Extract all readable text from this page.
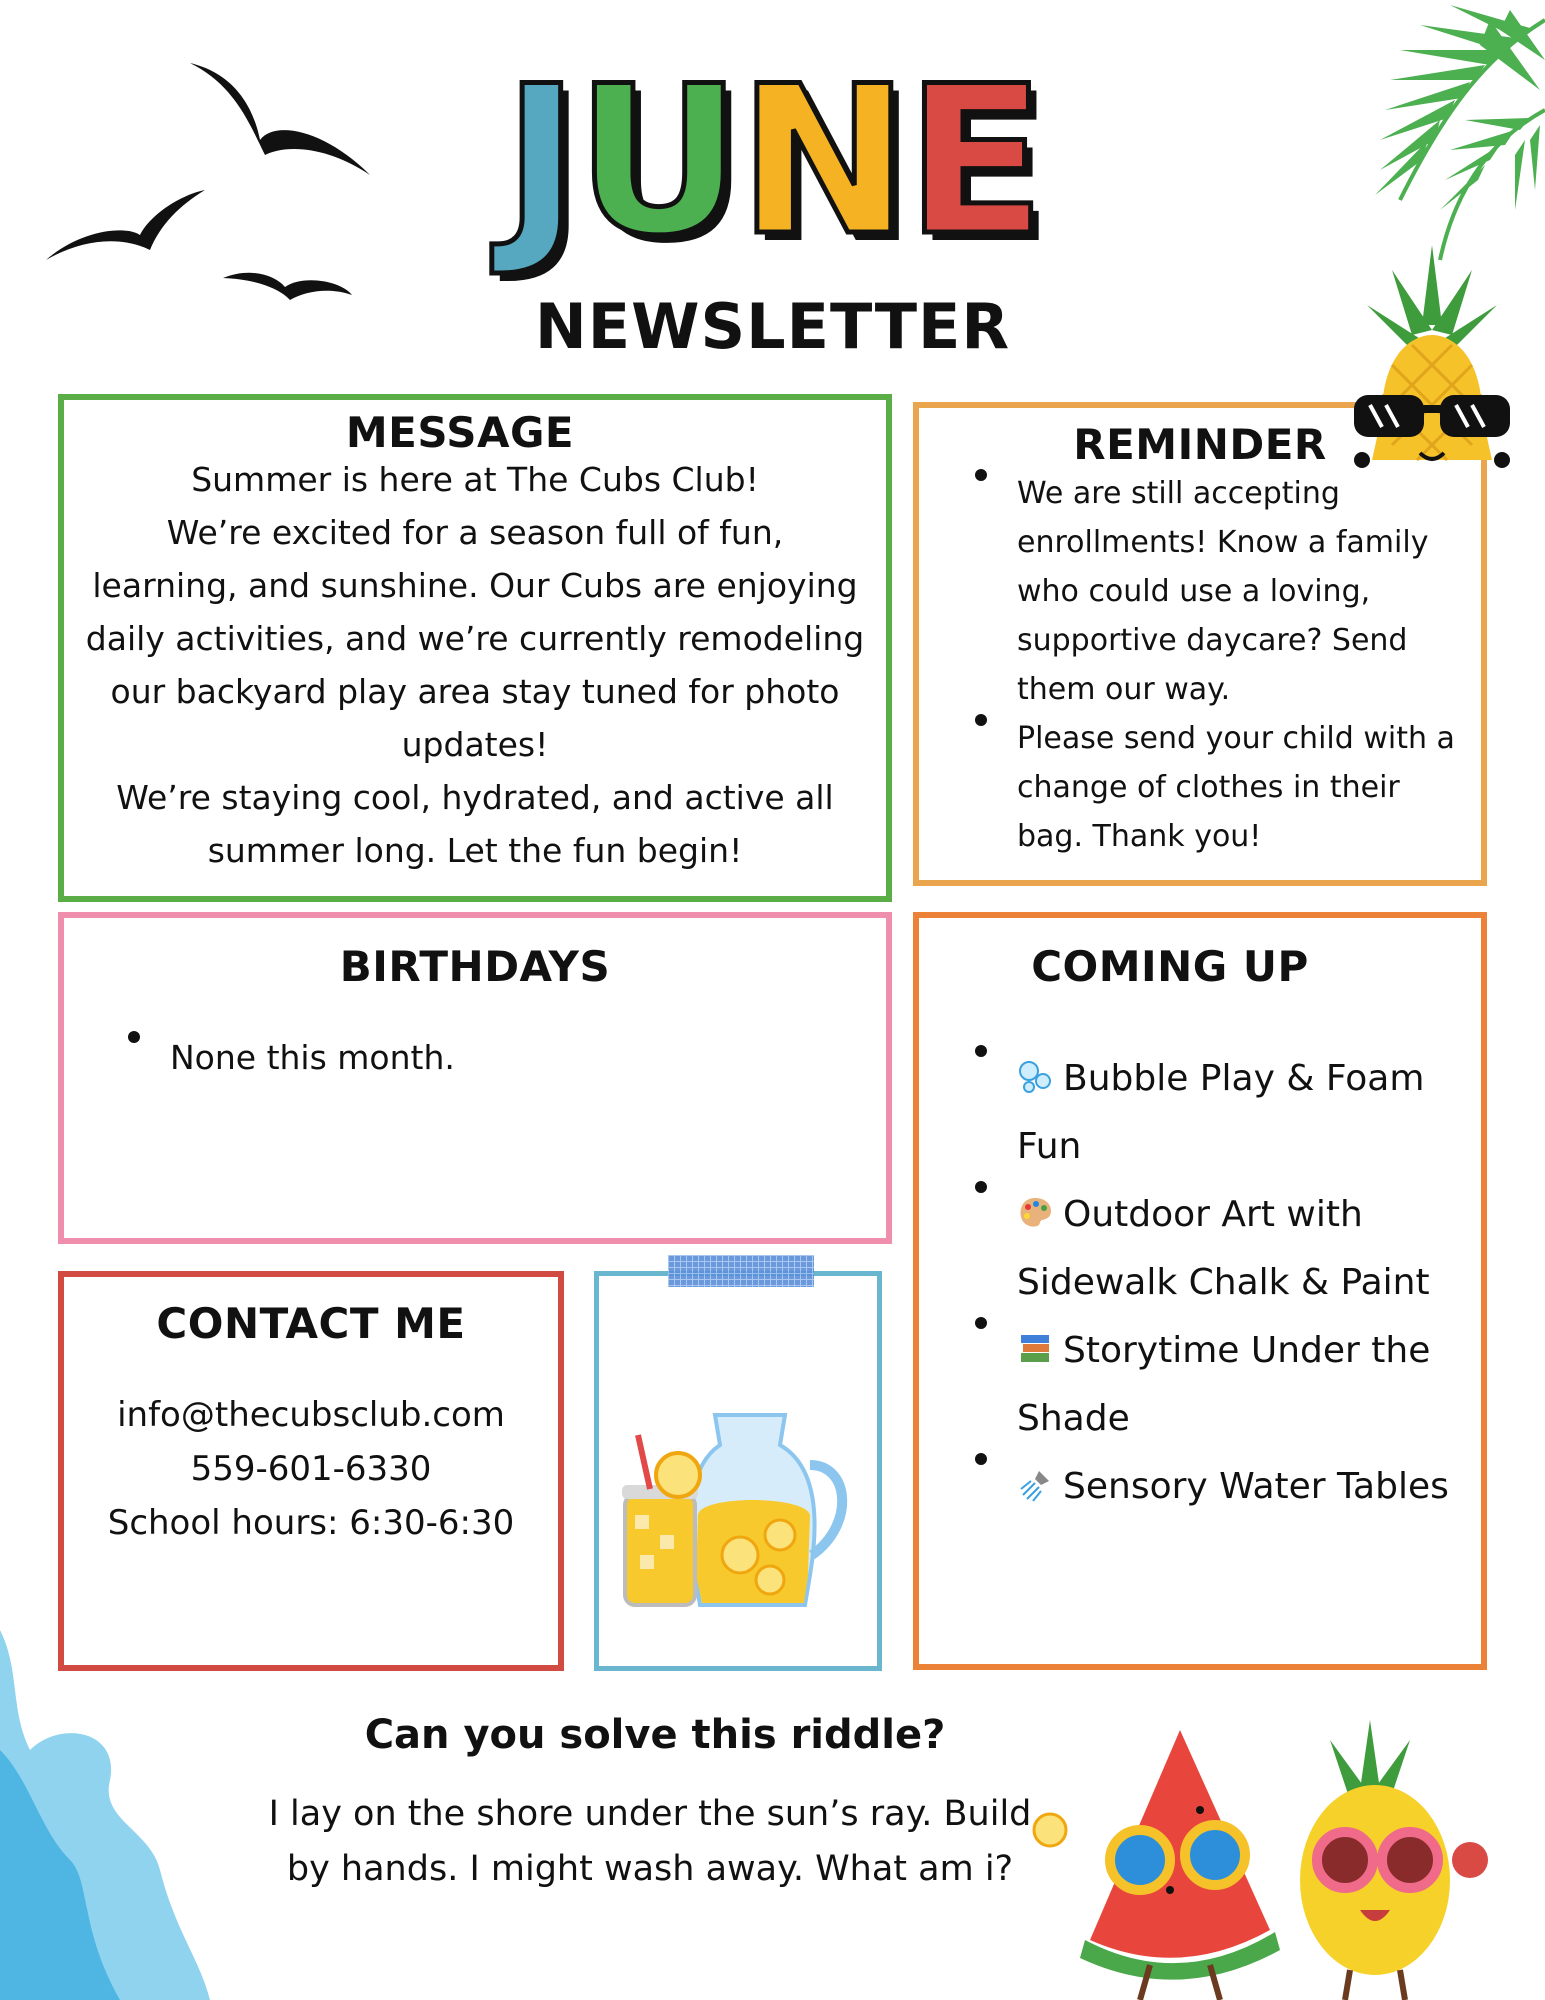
JUNE
NEWSLETTER
MESSAGE
Summer is here at The Cubs Club!
We’re excited for a season full of fun,
learning, and sunshine. Our Cubs are enjoying
daily activities, and we’re currently remodeling
our backyard play area stay tuned for photo
updates!
We’re staying cool, hydrated, and active all
summer long. Let the fun begin!
REMINDER
We are still accepting enrollments! Know a family who could use a loving, supportive daycare? Send them our way.
Please send your child with a change of clothes in their bag. Thank you!
BIRTHDAYS
None this month.
COMING UP
Bubble Play & Foam Fun
Outdoor Art with Sidewalk Chalk & Paint
Storytime Under the Shade
Sensory Water Tables
CONTACT ME
info@thecubsclub.com
559-601-6330
School hours: 6:30-6:30
Can you solve this riddle?
I lay on the shore under the sun’s ray. Build
by hands. I might wash away. What am i?
